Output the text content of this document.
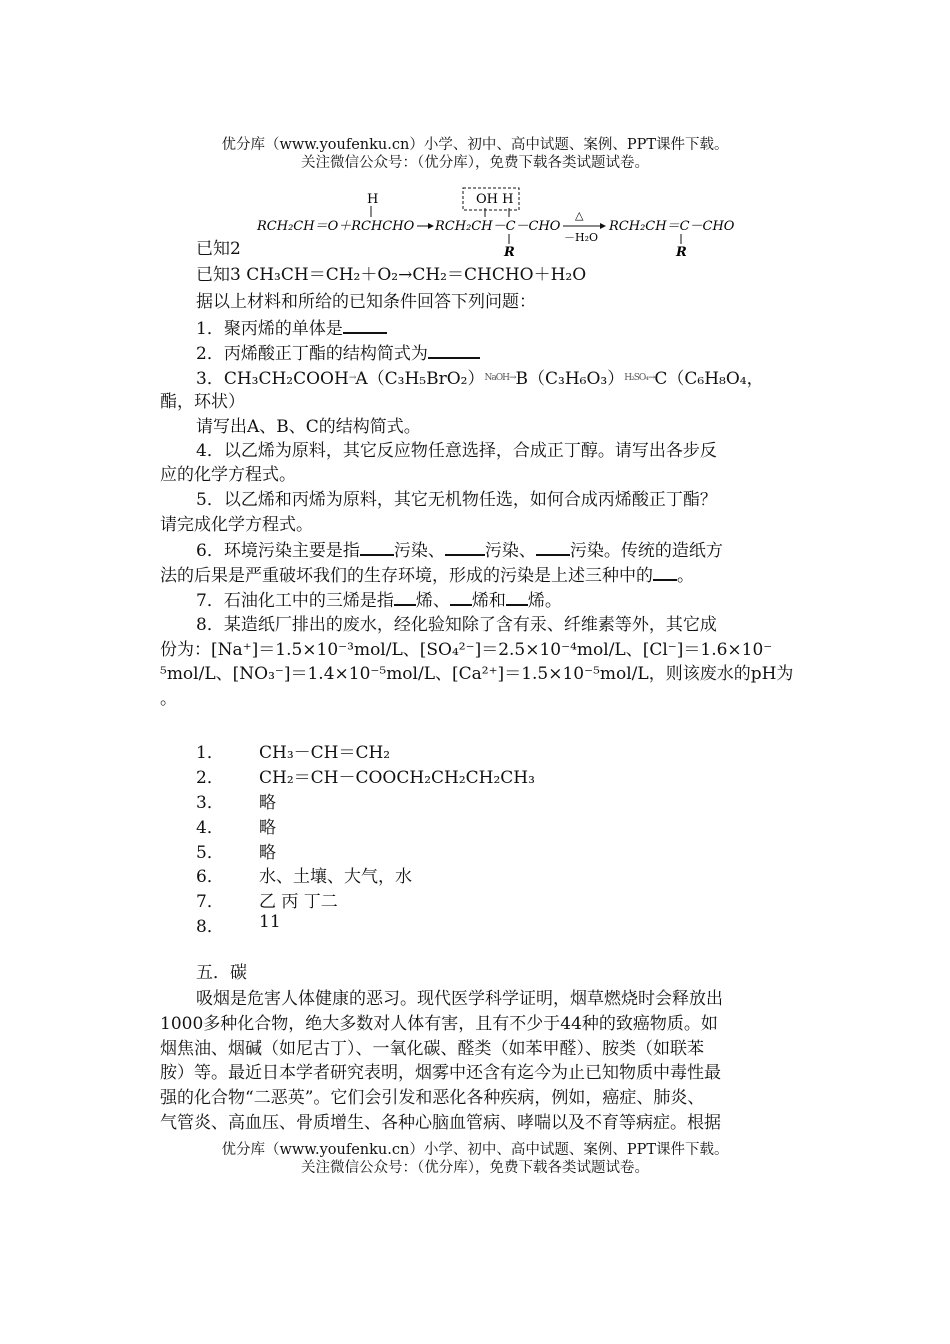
优分库（www.youfenku.cn）小学、初中、高中试题、案例、PPT课件下载。
关注微信公众号：（优分库），免费下载各类试题试卷。
H	OH H
RCH₂CH＝O＋RCHCHO RCH₂CH－C－CHO
R
△
－H₂O
RCH₂CH＝C－CHO
R
已知2
已知3 CH₃CH＝CH₂＋O₂→CH₂＝CHCHO＋H₂O
据以上材料和所给的已知条件回答下列问题：
1．聚丙烯的单体是
2．丙烯酸正丁酯的结构简式为
3．$CH_3CH_2COOH^\to A(C_3H_5BrO_2)^{NaOH\to}B(C_3H_6O_3)^{H_2SO_4\to}C(C_6H_8O_4$，
酯，环状）
请写出A、B、C的结构简式。
4．以乙烯为原料，其它反应物任意选择，合成正丁醇。请写出各步反
应的化学方程式。
5．以乙烯和丙烯为原料，其它无机物任选，如何合成丙烯酸正丁酯？
请完成化学方程式。
6．环境污染主要是指 污染、 污染、 污染。传统的造纸方
法的后果是严重破坏我们的生存环境，形成的污染是上述三种中的 。
7．石油化工中的三烯是指 烯、 烯和 烯。
8．某造纸厂排出的废水，经化验知除了含有汞、纤维素等外，其它成
份为：[Na⁺]＝1.5×10⁻³mol/L、[SO₄²⁻]＝2.5×10⁻⁴mol/L、[Cl⁻]＝1.6×10⁻
⁵mol/L、[NO₃⁻]＝1.4×10⁻⁵mol/L、[Ca²⁺]＝1.5×10⁻⁵mol/L，则该废水的pH为
。
1． CH₃－CH＝CH₂
2． CH₂＝CH－COOCH₂CH₂CH₂CH₃
3． 略
4． 略
5． 略
6． 水、土壤、大气，水
7． 乙 丙 丁二
8． 11
五．碳
吸烟是危害人体健康的恶习。现代医学科学证明，烟草燃烧时会释放出
1000多种化合物，绝大多数对人体有害，且有不少于44种的致癌物质。如
烟焦油、烟碱（如尼古丁）、一氧化碳、醛类（如苯甲醛）、胺类（如联苯
胺）等。最近日本学者研究表明，烟雾中还含有迄今为止已知物质中毒性最
强的化合物“二恶英”。它们会引发和恶化各种疾病，例如，癌症、肺炎、
气管炎、高血压、骨质增生、各种心脑血管病、哮喘以及不育等病症。根据
优分库（www.youfenku.cn）小学、初中、高中试题、案例、PPT课件下载。
关注微信公众号：（优分库），免费下载各类试题试卷。
